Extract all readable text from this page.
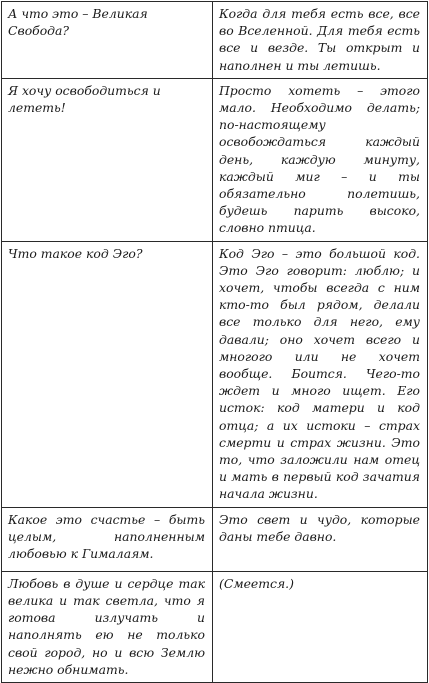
А что это – Великая Свобода?	Когда для тебя есть все, все во Вселенной. Для тебя есть все и везде. Ты открыт и наполнен и ты летишь.
Я хочу освободиться и лететь!	Просто хотеть – этого мало. Необходимо делать; по-настоящему освобождаться каждый день, каждую минуту, каждый миг – и ты обязательно полетишь, будешь парить высоко, словно птица.
Что такое код Эго?	Код Эго – это большой код. Это Эго говорит: люблю; и хочет, чтобы всегда с ним кто-то был рядом, делали все только для него, ему давали; оно хочет всего и многого или не хочет вообще. Боится. Чего-то ждет и много ищет. Его исток: код матери и код отца; а их истоки – страх смерти и страх жизни. Это то, что заложили нам отец и мать в первый код зачатия начала жизни.
Какое это счастье – быть целым, наполненным любовью к Гималаям.	Это свет и чудо, которые даны тебе давно.
Любовь в душе и сердце так велика и так светла, что я готова излучать и наполнять ею не только свой город, но и всю Землю нежно обнимать.	(Смеется.)
